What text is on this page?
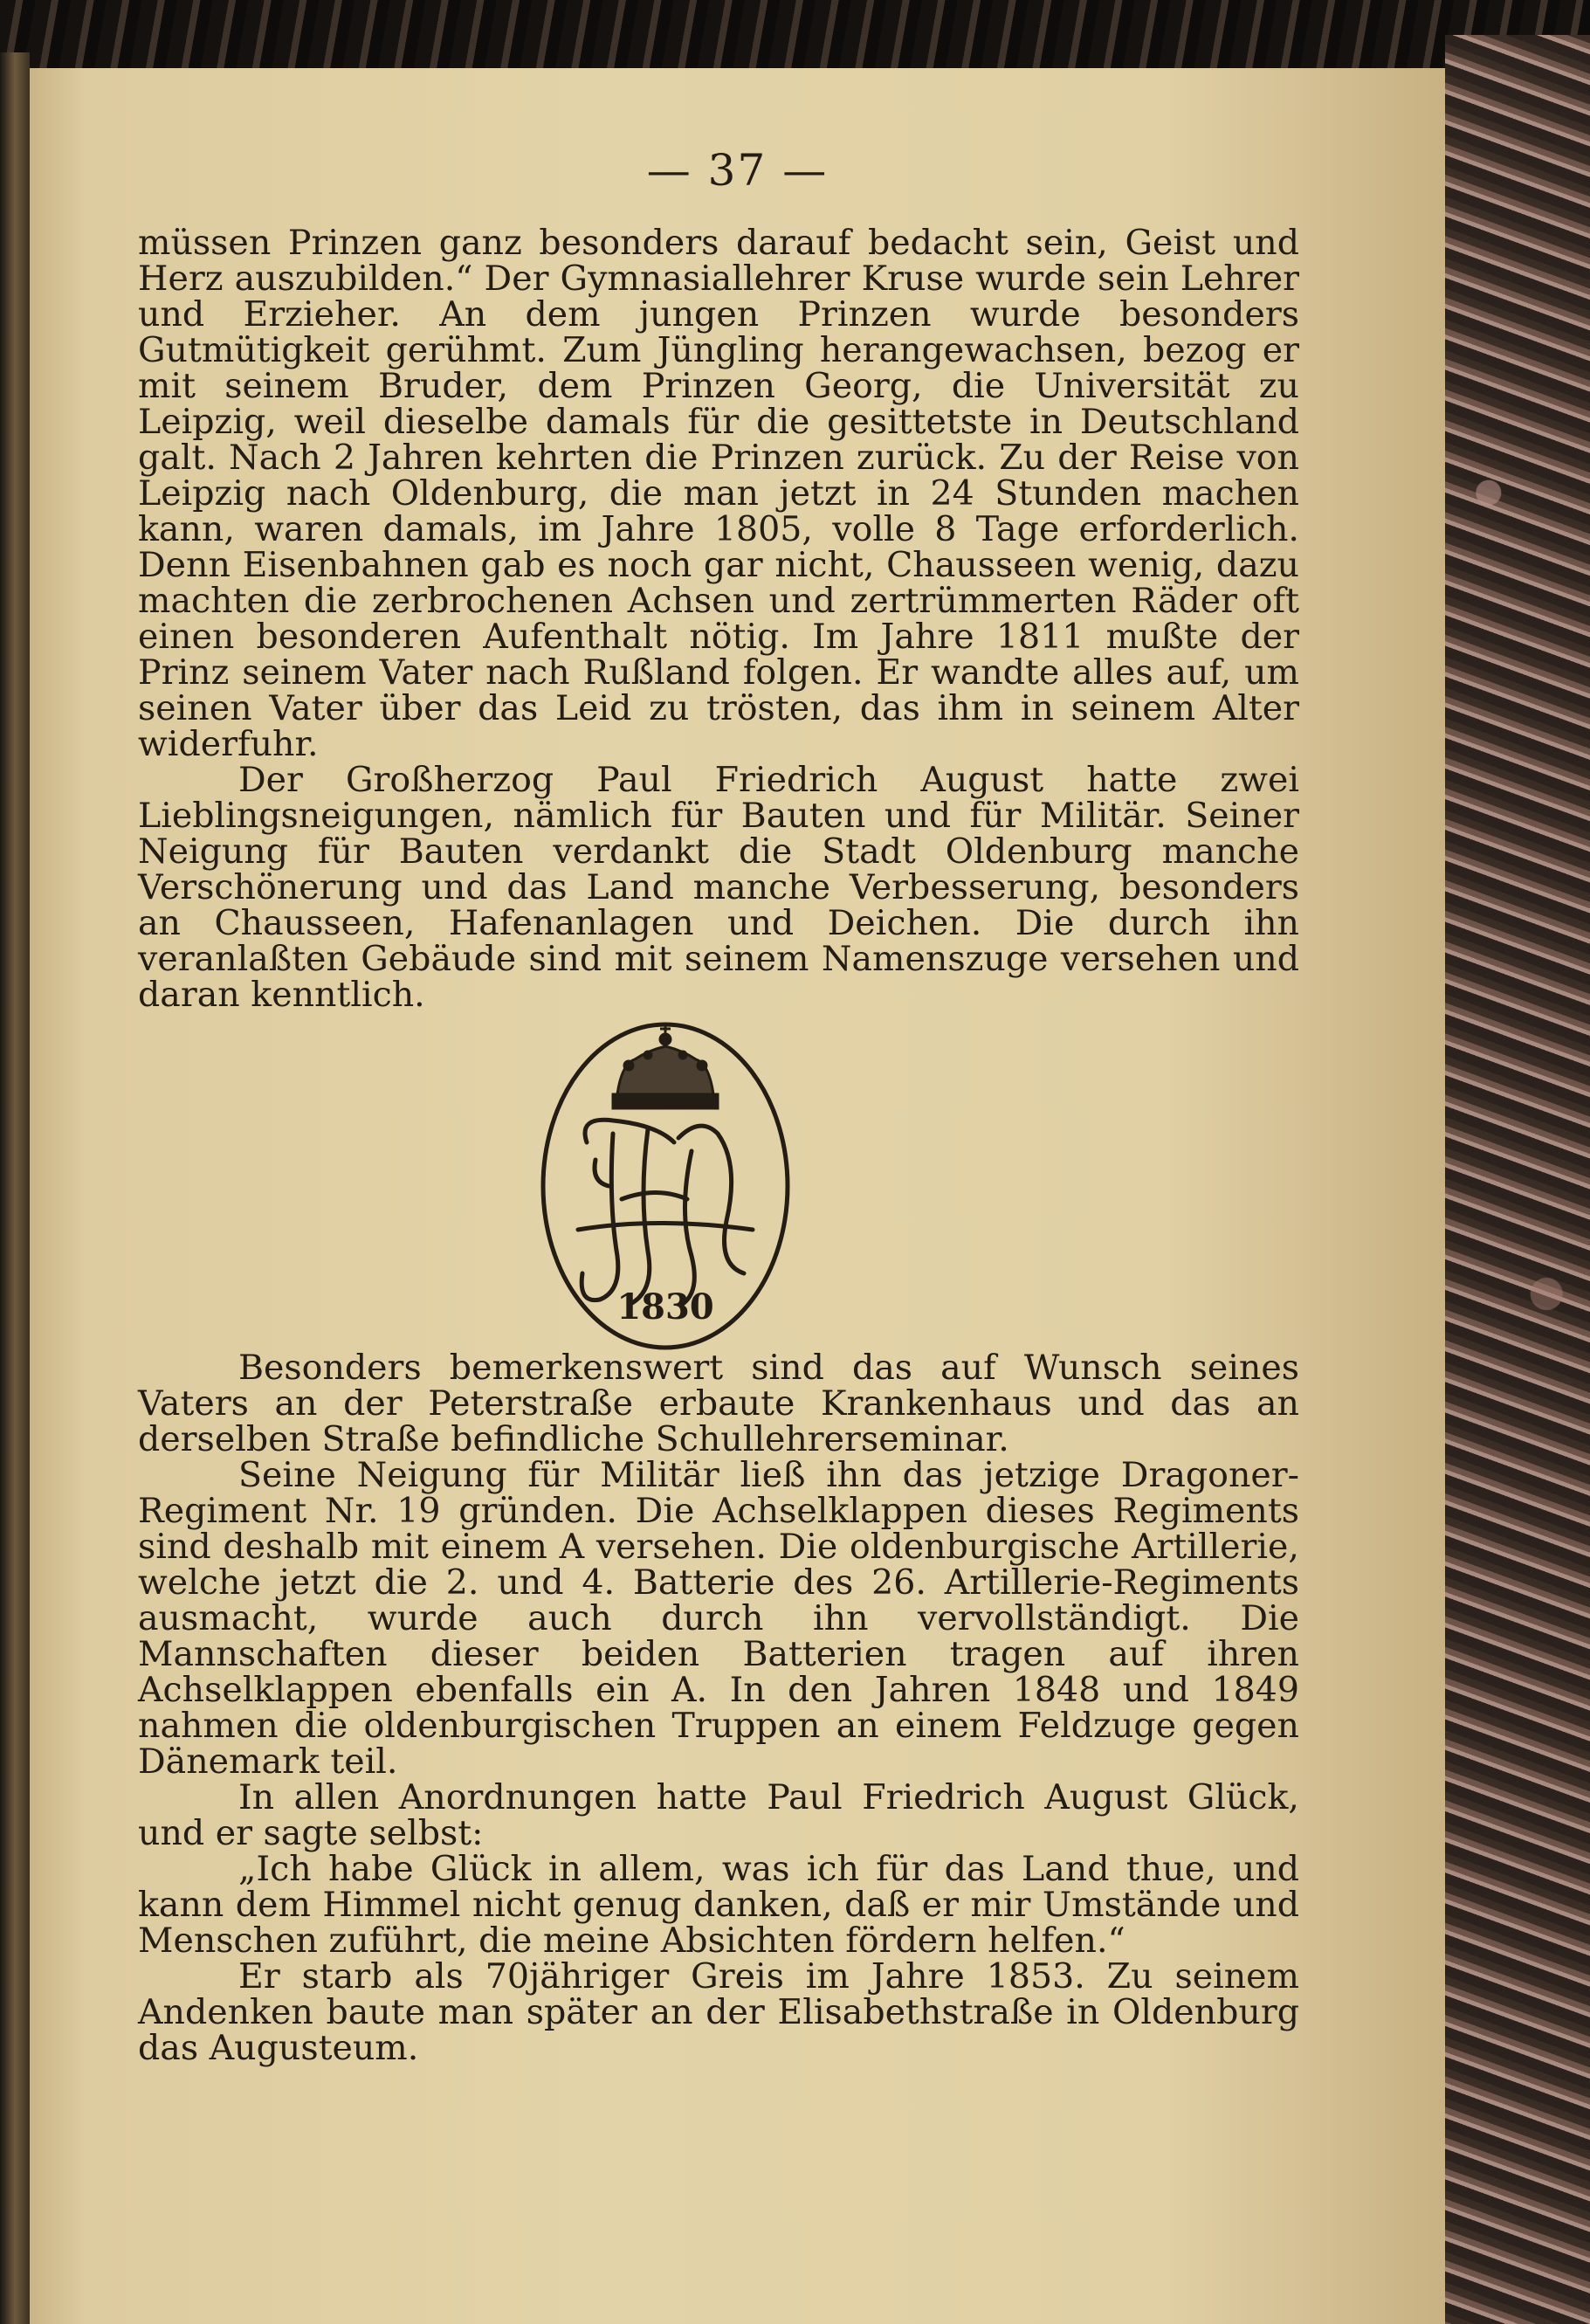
— 37 —

müssen Prinzen ganz besonders darauf bedacht sein, Geist und Herz auszubilden.“ Der Gymnasiallehrer Kruse wurde sein Lehrer und Erzieher. An dem jungen Prinzen wurde besonders Gutmütigkeit gerühmt. Zum Jüngling herangewachsen, bezog er mit seinem Bruder, dem Prinzen Georg, die Universität zu Leipzig, weil dieselbe damals für die gesittetste in Deutschland galt. Nach 2 Jahren kehrten die Prinzen zurück. Zu der Reise von Leipzig nach Oldenburg, die man jetzt in 24 Stunden machen kann, waren damals, im Jahre 1805, volle 8 Tage erforderlich. Denn Eisenbahnen gab es noch gar nicht, Chausseen wenig, dazu machten die zerbrochenen Achsen und zertrümmerten Räder oft einen besonderen Aufenthalt nötig. Im Jahre 1811 mußte der Prinz seinem Vater nach Rußland folgen. Er wandte alles auf, um seinen Vater über das Leid zu trösten, das ihm in seinem Alter widerfuhr.

Der Großherzog Paul Friedrich August hatte zwei Lieblingsneigungen, nämlich für Bauten und für Militär. Seiner Neigung für Bauten verdankt die Stadt Oldenburg manche Verschönerung und das Land manche Verbesserung, besonders an Chausseen, Hafenanlagen und Deichen. Die durch ihn veranlaßten Gebäude sind mit seinem Namenszuge versehen und daran kenntlich.

1830

Besonders bemerkenswert sind das auf Wunsch seines Vaters an der Peterstraße erbaute Krankenhaus und das an derselben Straße befindliche Schullehrerseminar.

Seine Neigung für Militär ließ ihn das jetzige Dragoner-Regiment Nr. 19 gründen. Die Achselklappen dieses Regiments sind deshalb mit einem A versehen. Die oldenburgische Artillerie, welche jetzt die 2. und 4. Batterie des 26. Artillerie-Regiments ausmacht, wurde auch durch ihn vervollständigt. Die Mannschaften dieser beiden Batterien tragen auf ihren Achselklappen ebenfalls ein A. In den Jahren 1848 und 1849 nahmen die oldenburgischen Truppen an einem Feldzuge gegen Dänemark teil.

In allen Anordnungen hatte Paul Friedrich August Glück, und er sagte selbst:

„Ich habe Glück in allem, was ich für das Land thue, und kann dem Himmel nicht genug danken, daß er mir Umstände und Menschen zuführt, die meine Absichten fördern helfen.“

Er starb als 70jähriger Greis im Jahre 1853. Zu seinem Andenken baute man später an der Elisabethstraße in Oldenburg das Augusteum.
